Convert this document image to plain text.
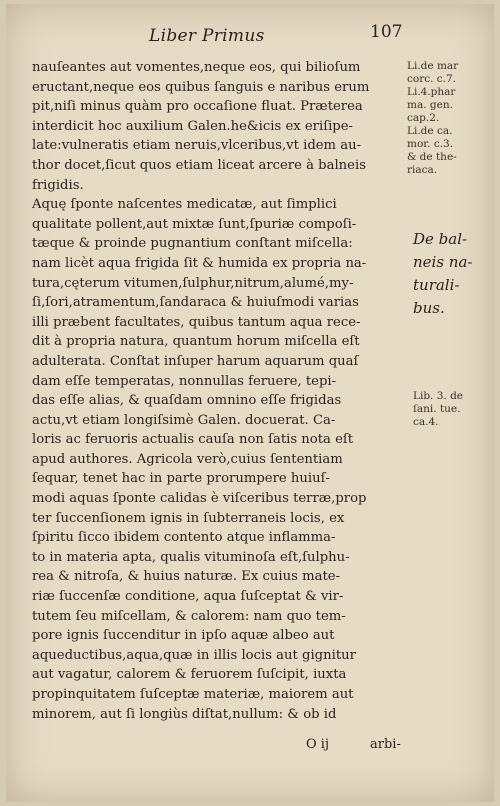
Liber Primus	107
nauſeantes aut vomentes,neque eos, qui bilioſum
eructant,neque eos quibus ſanguis e naribus erum
pit,niſi minus quàm pro occaſione fluat. Præterea
interdicit hoc auxilium Galen.he&icis ex eriſipe-
late:vulneratis etiam neruis,vlceribus,vt idem au-
thor docet,ſicut quos etiam liceat arcere à balneis
frigidis.
Aquę ſponte naſcentes medicatæ, aut ſimplici
qualitate pollent,aut mixtæ ſunt,ſpuriæ compoſi-
tæque & proinde pugnantium conſtant miſcella:
nam licèt aqua frigida ſit & humida ex propria na-
tura,cęterum vitumen,ſulphur,nitrum,alumé,my-
ſi,ſori,atramentum,ſandaraca & huiuſmodi varias
illi præbent facultates, quibus tantum aqua rece-
dit à propria natura, quantum horum miſcella eſt
adulterata. Conſtat inſuper harum aquarum quaſ
dam eſſe temperatas, nonnullas feruere, tepi-
das eſſe alias, & quaſdam omnino eſſe frigidas
actu,vt etiam longiſsimè Galen. docuerat. Ca-
loris ac feruoris actualis cauſa non ſatis nota eſt
apud authores. Agricola verò,cuius ſententiam
ſequar, tenet hac in parte prorumpere huiuſ-
modi aquas ſponte calidas è viſceribus terræ,prop
ter ſuccenſionem ignis in ſubterraneis locis, ex
ſpiritu ſicco ibidem contento atque inflamma-
to in materia apta, qualis vituminoſa eſt,ſulphu-
rea & nitroſa, & huius naturæ. Ex cuius mate-
riæ ſuccenſæ conditione, aqua ſuſceptat & vir-
tutem ſeu miſcellam, & calorem: nam quo tem-
pore ignis ſuccenditur in ipſo aquæ albeo aut
aqueductibus,aqua,quæ in illis locis aut gignitur
aut vagatur, calorem & feruorem ſuſcipit, iuxta
propinquitatem ſuſceptæ materiæ, maiorem aut
minorem, aut ſi longiùs diſtat,nullum: & ob id
Li.de mar
corc. c.7.
Li.4.phar
ma. gen.
cap.2.
Li.de ca.
mor. c.3.
& de the-
riaca.
De bal-
neis na-
turali-
bus.
Lib. 3. de
ſani. tue.
ca.4.
O ij	arbi-
